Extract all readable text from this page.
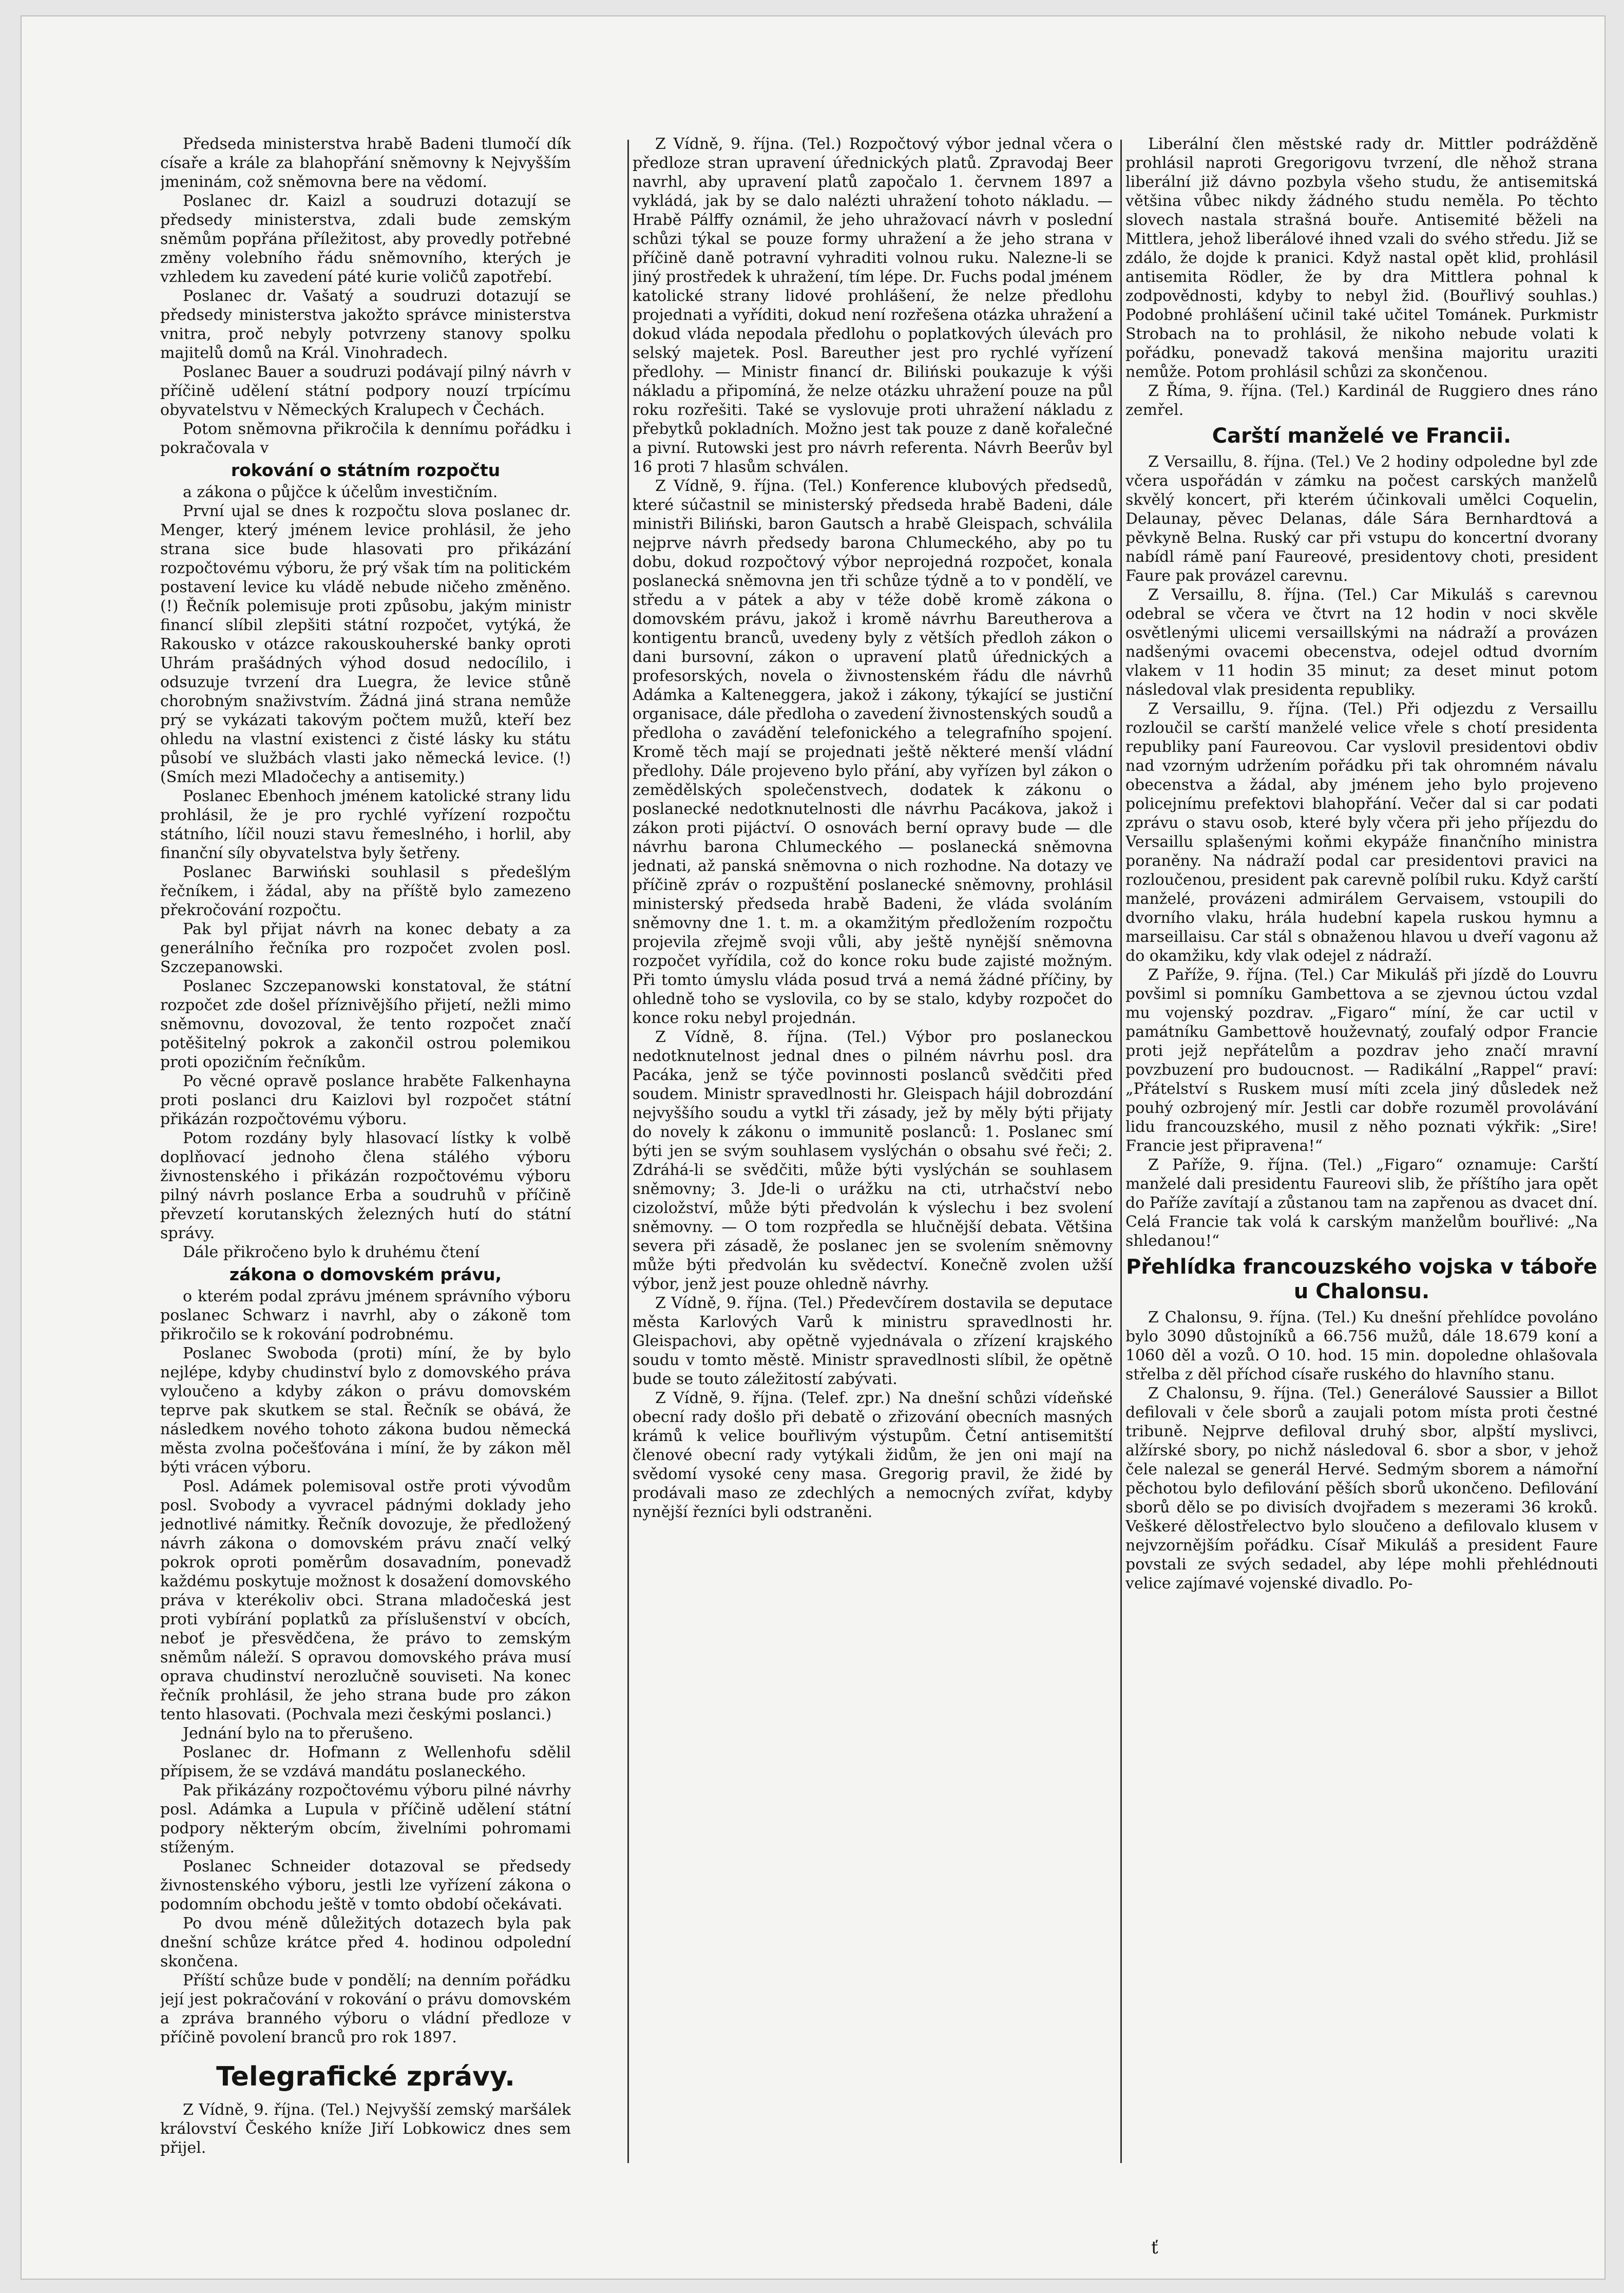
Předseda ministerstva hrabě Badeni tlumočí dík císaře a krále za blahopřání sněmovny k Nejvyšším jmeninám, což sněmovna bere na vědomí.

Poslanec dr. Kaizl a soudruzi dotazují se předsedy ministerstva, zdali bude zemským sněmům popřána příležitost, aby provedly potřebné změny volebního řádu sněmovního, kterých je vzhledem ku zavedení páté kurie voličů zapotřebí.

Poslanec dr. Vašatý a soudruzi dotazují se předsedy ministerstva jakožto správce ministerstva vnitra, proč nebyly potvrzeny stanovy spolku majitelů domů na Král. Vinohradech.

Poslanec Bauer a soudruzi podávají pilný návrh v příčině udělení státní podpory nouzí trpícímu obyvatelstvu v Německých Kralupech v Čechách.

Potom sněmovna přikročila k dennímu pořádku i pokračovala v

rokování o státním rozpočtu

a zákona o půjčce k účelům investičním.

První ujal se dnes k rozpočtu slova poslanec dr. Menger, který jménem levice prohlásil, že jeho strana sice bude hlasovati pro přikázání rozpočtovému výboru, že prý však tím na politickém postavení levice ku vládě nebude ničeho změněno. (!) Řečník polemisuje proti způsobu, jakým ministr financí slíbil zlepšiti státní rozpočet, vytýká, že Rakousko v otázce rakouskouherské banky oproti Uhrám prašádných výhod dosud nedocílilo, i odsuzuje tvrzení dra Luegra, že levice stůně chorobným snaživstvím. Žádná jiná strana nemůže prý se vykázati takovým počtem mužů, kteří bez ohledu na vlastní existenci z čisté lásky ku státu působí ve službách vlasti jako německá levice. (!) (Smích mezi Mladočechy a antisemity.)

Poslanec Ebenhoch jménem katolické strany lidu prohlásil, že je pro rychlé vyřízení rozpočtu státního, líčil nouzi stavu řemeslného, i horlil, aby finanční síly obyvatelstva byly šetřeny.

Poslanec Barwiński souhlasil s předešlým řečníkem, i žádal, aby na příště bylo zamezeno překročování rozpočtu.

Pak byl přijat návrh na konec debaty a za generálního řečníka pro rozpočet zvolen posl. Szczepanowski.

Poslanec Szczepanowski konstatoval, že státní rozpočet zde došel příznivějšího přijetí, nežli mimo sněmovnu, dovozoval, že tento rozpočet značí potěšitelný pokrok a zakončil ostrou polemikou proti opozičním řečníkům.

Po věcné opravě poslance hraběte Falkenhayna proti poslanci dru Kaizlovi byl rozpočet státní přikázán rozpočtovému výboru.

Potom rozdány byly hlasovací lístky k volbě doplňovací jednoho člena stálého výboru živnostenského i přikázán rozpočtovému výboru pilný návrh poslance Erba a soudruhů v příčině převzetí korutanských železných hutí do státní správy.

Dále přikročeno bylo k druhému čtení

zákona o domovském právu,

o kterém podal zprávu jménem správního výboru poslanec Schwarz i navrhl, aby o zákoně tom přikročilo se k rokování podrobnému.

Poslanec Swoboda (proti) míní, že by bylo nejlépe, kdyby chudinství bylo z domovského práva vyloučeno a kdyby zákon o právu domovském teprve pak skutkem se stal. Řečník se obává, že následkem nového tohoto zákona budou německá města zvolna počešťována i míní, že by zákon měl býti vrácen výboru.

Posl. Adámek polemisoval ostře proti vývodům posl. Svobody a vyvracel pádnými doklady jeho jednotlivé námitky. Řečník dovozuje, že předložený návrh zákona o domovském právu značí velký pokrok oproti poměrům dosavadním, ponevadž každému poskytuje možnost k dosažení domovského práva v kterékoliv obci. Strana mladočeská jest proti vybírání poplatků za příslušenství v obcích, neboť je přesvědčena, že právo to zemským sněmům náleží. S opravou domovského práva musí oprava chudinství nerozlučně souviseti. Na konec řečník prohlásil, že jeho strana bude pro zákon tento hlasovati. (Pochvala mezi českými poslanci.)

Jednání bylo na to přerušeno.

Poslanec dr. Hofmann z Wellenhofu sdělil přípisem, že se vzdává mandátu poslaneckého.

Pak přikázány rozpočtovému výboru pilné návrhy posl. Adámka a Lupula v příčině udělení státní podpory některým obcím, živelními pohromami stíženým.

Poslanec Schneider dotazoval se předsedy živnostenského výboru, jestli lze vyřízení zákona o podomním obchodu ještě v tomto období očekávati.

Po dvou méně důležitých dotazech byla pak dnešní schůze krátce před 4. hodinou odpolední skončena.

Příští schůze bude v pondělí; na denním pořádku její jest pokračování v rokování o právu domovském a zpráva branného výboru o vládní předloze v příčině povolení branců pro rok 1897.

Telegrafické zprávy.

Z Vídně, 9. října. (Tel.) Nejvyšší zemský maršálek království Českého kníže Jiří Lobkowicz dnes sem přijel.

Z Vídně, 9. října. (Tel.) Rozpočtový výbor jednal včera o předloze stran upravení úřednických platů. Zpravodaj Beer navrhl, aby upravení platů započalo 1. červnem 1897 a vykládá, jak by se dalo nalézti uhražení tohoto nákladu. — Hrabě Pálffy oznámil, že jeho uhražovací návrh v poslední schůzi týkal se pouze formy uhražení a že jeho strana v příčině daně potravní vyhraditi volnou ruku. Nalezne-li se jiný prostředek k uhražení, tím lépe. Dr. Fuchs podal jménem katolické strany lidové prohlášení, že nelze předlohu projednati a vyříditi, dokud není rozřešena otázka uhražení a dokud vláda nepodala předlohu o poplatkových úlevách pro selský majetek. Posl. Bareuther jest pro rychlé vyřízení předlohy. — Ministr financí dr. Biliński poukazuje k výši nákladu a připomíná, že nelze otázku uhražení pouze na půl roku rozřešiti. Také se vyslovuje proti uhražení nákladu z přebytků pokladních. Možno jest tak pouze z daně kořalečné a pivní. Rutowski jest pro návrh referenta. Návrh Beerův byl 16 proti 7 hlasům schválen.

Z Vídně, 9. října. (Tel.) Konference klubových předsedů, které súčastnil se ministerský předseda hrabě Badeni, dále ministři Biliński, baron Gautsch a hrabě Gleispach, schválila nejprve návrh předsedy barona Chlumeckého, aby po tu dobu, dokud rozpočtový výbor neprojedná rozpočet, konala poslanecká sněmovna jen tři schůze týdně a to v pondělí, ve středu a v pátek a aby v téže době kromě zákona o domovském právu, jakož i kromě návrhu Bareutherova a kontigentu branců, uvedeny byly z větších předloh zákon o dani bursovní, zákon o upravení platů úřednických a profesorských, novela o živnostenském řádu dle návrhů Adámka a Kalteneggera, jakož i zákony, týkající se justiční organisace, dále předloha o zavedení živnostenských soudů a předloha o zavádění telefonického a telegrafního spojení. Kromě těch mají se projednati ještě některé menší vládní předlohy. Dále projeveno bylo přání, aby vyřízen byl zákon o zemědělských společenstvech, dodatek k zákonu o poslanecké nedotknutelnosti dle návrhu Pacákova, jakož i zákon proti pijáctví. O osnovách berní opravy bude — dle návrhu barona Chlumeckého — poslanecká sněmovna jednati, až panská sněmovna o nich rozhodne. Na dotazy ve příčině zpráv o rozpuštění poslanecké sněmovny, prohlásil ministerský předseda hrabě Badeni, že vláda svoláním sněmovny dne 1. t. m. a okamžitým předložením rozpočtu projevila zřejmě svoji vůli, aby ještě nynější sněmovna rozpočet vyřídila, což do konce roku bude zajisté možným. Při tomto úmyslu vláda posud trvá a nemá žádné příčiny, by ohledně toho se vyslovila, co by se stalo, kdyby rozpočet do konce roku nebyl projednán.

Z Vídně, 8. října. (Tel.) Výbor pro poslaneckou nedotknutelnost jednal dnes o pilném návrhu posl. dra Pacáka, jenž se týče povinnosti poslanců svědčiti před soudem. Ministr spravedlnosti hr. Gleispach hájil dobrozdání nejvyššího soudu a vytkl tři zásady, jež by měly býti přijaty do novely k zákonu o immunitě poslanců: 1. Poslanec smí býti jen se svým souhlasem vyslýchán o obsahu své řeči; 2. Zdráhá-li se svědčiti, může býti vyslýchán se souhlasem sněmovny; 3. Jde-li o urážku na cti, utrhačství nebo cizoložství, může býti předvolán k výslechu i bez svolení sněmovny. — O tom rozpředla se hlučnější debata. Většina severa při zásadě, že poslanec jen se svolením sněmovny může býti předvolán ku svědectví. Konečně zvolen užší výbor, jenž jest pouze ohledně návrhy.

Z Vídně, 9. října. (Tel.) Předevčírem dostavila se deputace města Karlových Varů k ministru spravedlnosti hr. Gleispachovi, aby opětně vyjednávala o zřízení krajského soudu v tomto městě. Ministr spravedlnosti slíbil, že opětně bude se touto záležitostí zabývati.

Z Vídně, 9. října. (Telef. zpr.) Na dnešní schůzi vídeňské obecní rady došlo při debatě o zřizování obecních masných krámů k velice bouřlivým výstupům. Četní antisemitští členové obecní rady vytýkali židům, že jen oni mají na svědomí vysoké ceny masa. Gregorig pravil, že židé by prodávali maso ze zdechlých a nemocných zvířat, kdyby nynější řezníci byli odstraněni.

Liberální člen městské rady dr. Mittler podrážděně prohlásil naproti Gregorigovu tvrzení, dle něhož strana liberální již dávno pozbyla všeho studu, že antisemitská většina vůbec nikdy žádného studu neměla. Po těchto slovech nastala strašná bouře. Antisemité běželi na Mittlera, jehož liberálové ihned vzali do svého středu. Již se zdálo, že dojde k pranici. Když nastal opět klid, prohlásil antisemita Rödler, že by dra Mittlera pohnal k zodpovědnosti, kdyby to nebyl žid. (Bouřlivý souhlas.) Podobné prohlášení učinil také učitel Tománek. Purkmistr Strobach na to prohlásil, že nikoho nebude volati k pořádku, ponevadž taková menšina majoritu uraziti nemůže. Potom prohlásil schůzi za skončenou.

Z Říma, 9. října. (Tel.) Kardinál de Ruggiero dnes ráno zemřel.

Carští manželé ve Francii.

Z Versaillu, 8. října. (Tel.) Ve 2 hodiny odpoledne byl zde včera uspořádán v zámku na počest carských manželů skvělý koncert, při kterém účinkovali umělci Coquelin, Delaunay, pěvec Delanas, dále Sára Bernhardtová a pěvkyně Belna. Ruský car při vstupu do koncertní dvorany nabídl rámě paní Faureové, presidentovy choti, president Faure pak provázel carevnu.

Z Versaillu, 8. října. (Tel.) Car Mikuláš s carevnou odebral se včera ve čtvrt na 12 hodin v noci skvěle osvětlenými ulicemi versaillskými na nádraží a provázen nadšenými ovacemi obecenstva, odejel odtud dvorním vlakem v 11 hodin 35 minut; za deset minut potom následoval vlak presidenta republiky.

Z Versaillu, 9. října. (Tel.) Při odjezdu z Versaillu rozloučil se carští manželé velice vřele s chotí presidenta republiky paní Faureovou. Car vyslovil presidentovi obdiv nad vzorným udržením pořádku při tak ohromném návalu obecenstva a žádal, aby jménem jeho bylo projeveno policejnímu prefektovi blahopřání. Večer dal si car podati zprávu o stavu osob, které byly včera při jeho příjezdu do Versaillu splašenými koňmi ekypáže finančního ministra poraněny. Na nádraží podal car presidentovi pravici na rozloučenou, president pak carevně políbil ruku. Když carští manželé, provázeni admirálem Gervaisem, vstoupili do dvorního vlaku, hrála hudební kapela ruskou hymnu a marseillaisu. Car stál s obnaženou hlavou u dveří vagonu až do okamžiku, kdy vlak odejel z nádraží.

Z Paříže, 9. října. (Tel.) Car Mikuláš při jízdě do Louvru povšiml si pomníku Gambettova a se zjevnou úctou vzdal mu vojenský pozdrav. „Figaro“ míní, že car uctil v památníku Gambettově houževnatý, zoufalý odpor Francie proti jejž nepřátelům a pozdrav jeho značí mravní povzbuzení pro budoucnost. — Radikální „Rappel“ praví: „Přátelství s Ruskem musí míti zcela jiný důsledek než pouhý ozbrojený mír. Jestli car dobře rozuměl provolávání lidu francouzského, musil z něho poznati výkřik: „Sire! Francie jest připravena!“

Z Paříže, 9. října. (Tel.) „Figaro“ oznamuje: Carští manželé dali presidentu Faureovi slib, že příštího jara opět do Paříže zavítají a zůstanou tam na zapřenou as dvacet dní. Celá Francie tak volá k carským manželům bouřlivé: „Na shledanou!“

Přehlídka francouzského vojska v táboře u Chalonsu.

Z Chalonsu, 9. října. (Tel.) Ku dnešní přehlídce povoláno bylo 3090 důstojníků a 66.756 mužů, dále 18.679 koní a 1060 děl a vozů. O 10. hod. 15 min. dopoledne ohlašovala střelba z děl příchod císaře ruského do hlavního stanu.

Z Chalonsu, 9. října. (Tel.) Generálové Saussier a Billot defilovali v čele sborů a zaujali potom místa proti čestné tribuně. Nejprve defiloval druhý sbor, alpští myslivci, alžírské sbory, po nichž následoval 6. sbor a sbor, v jehož čele nalezal se generál Hervé. Sedmým sborem a námořní pěchotou bylo defilování pěších sborů ukončeno. Defilování sborů dělo se po divisích dvojřadem s mezerami 36 kroků. Veškeré dělostřelectvo bylo sloučeno a defilovalo klusem v nejvzornějším pořádku. Císař Mikuláš a president Faure povstali ze svých sedadel, aby lépe mohli přehlédnouti velice zajímavé vojenské divadlo. Po-

ť
